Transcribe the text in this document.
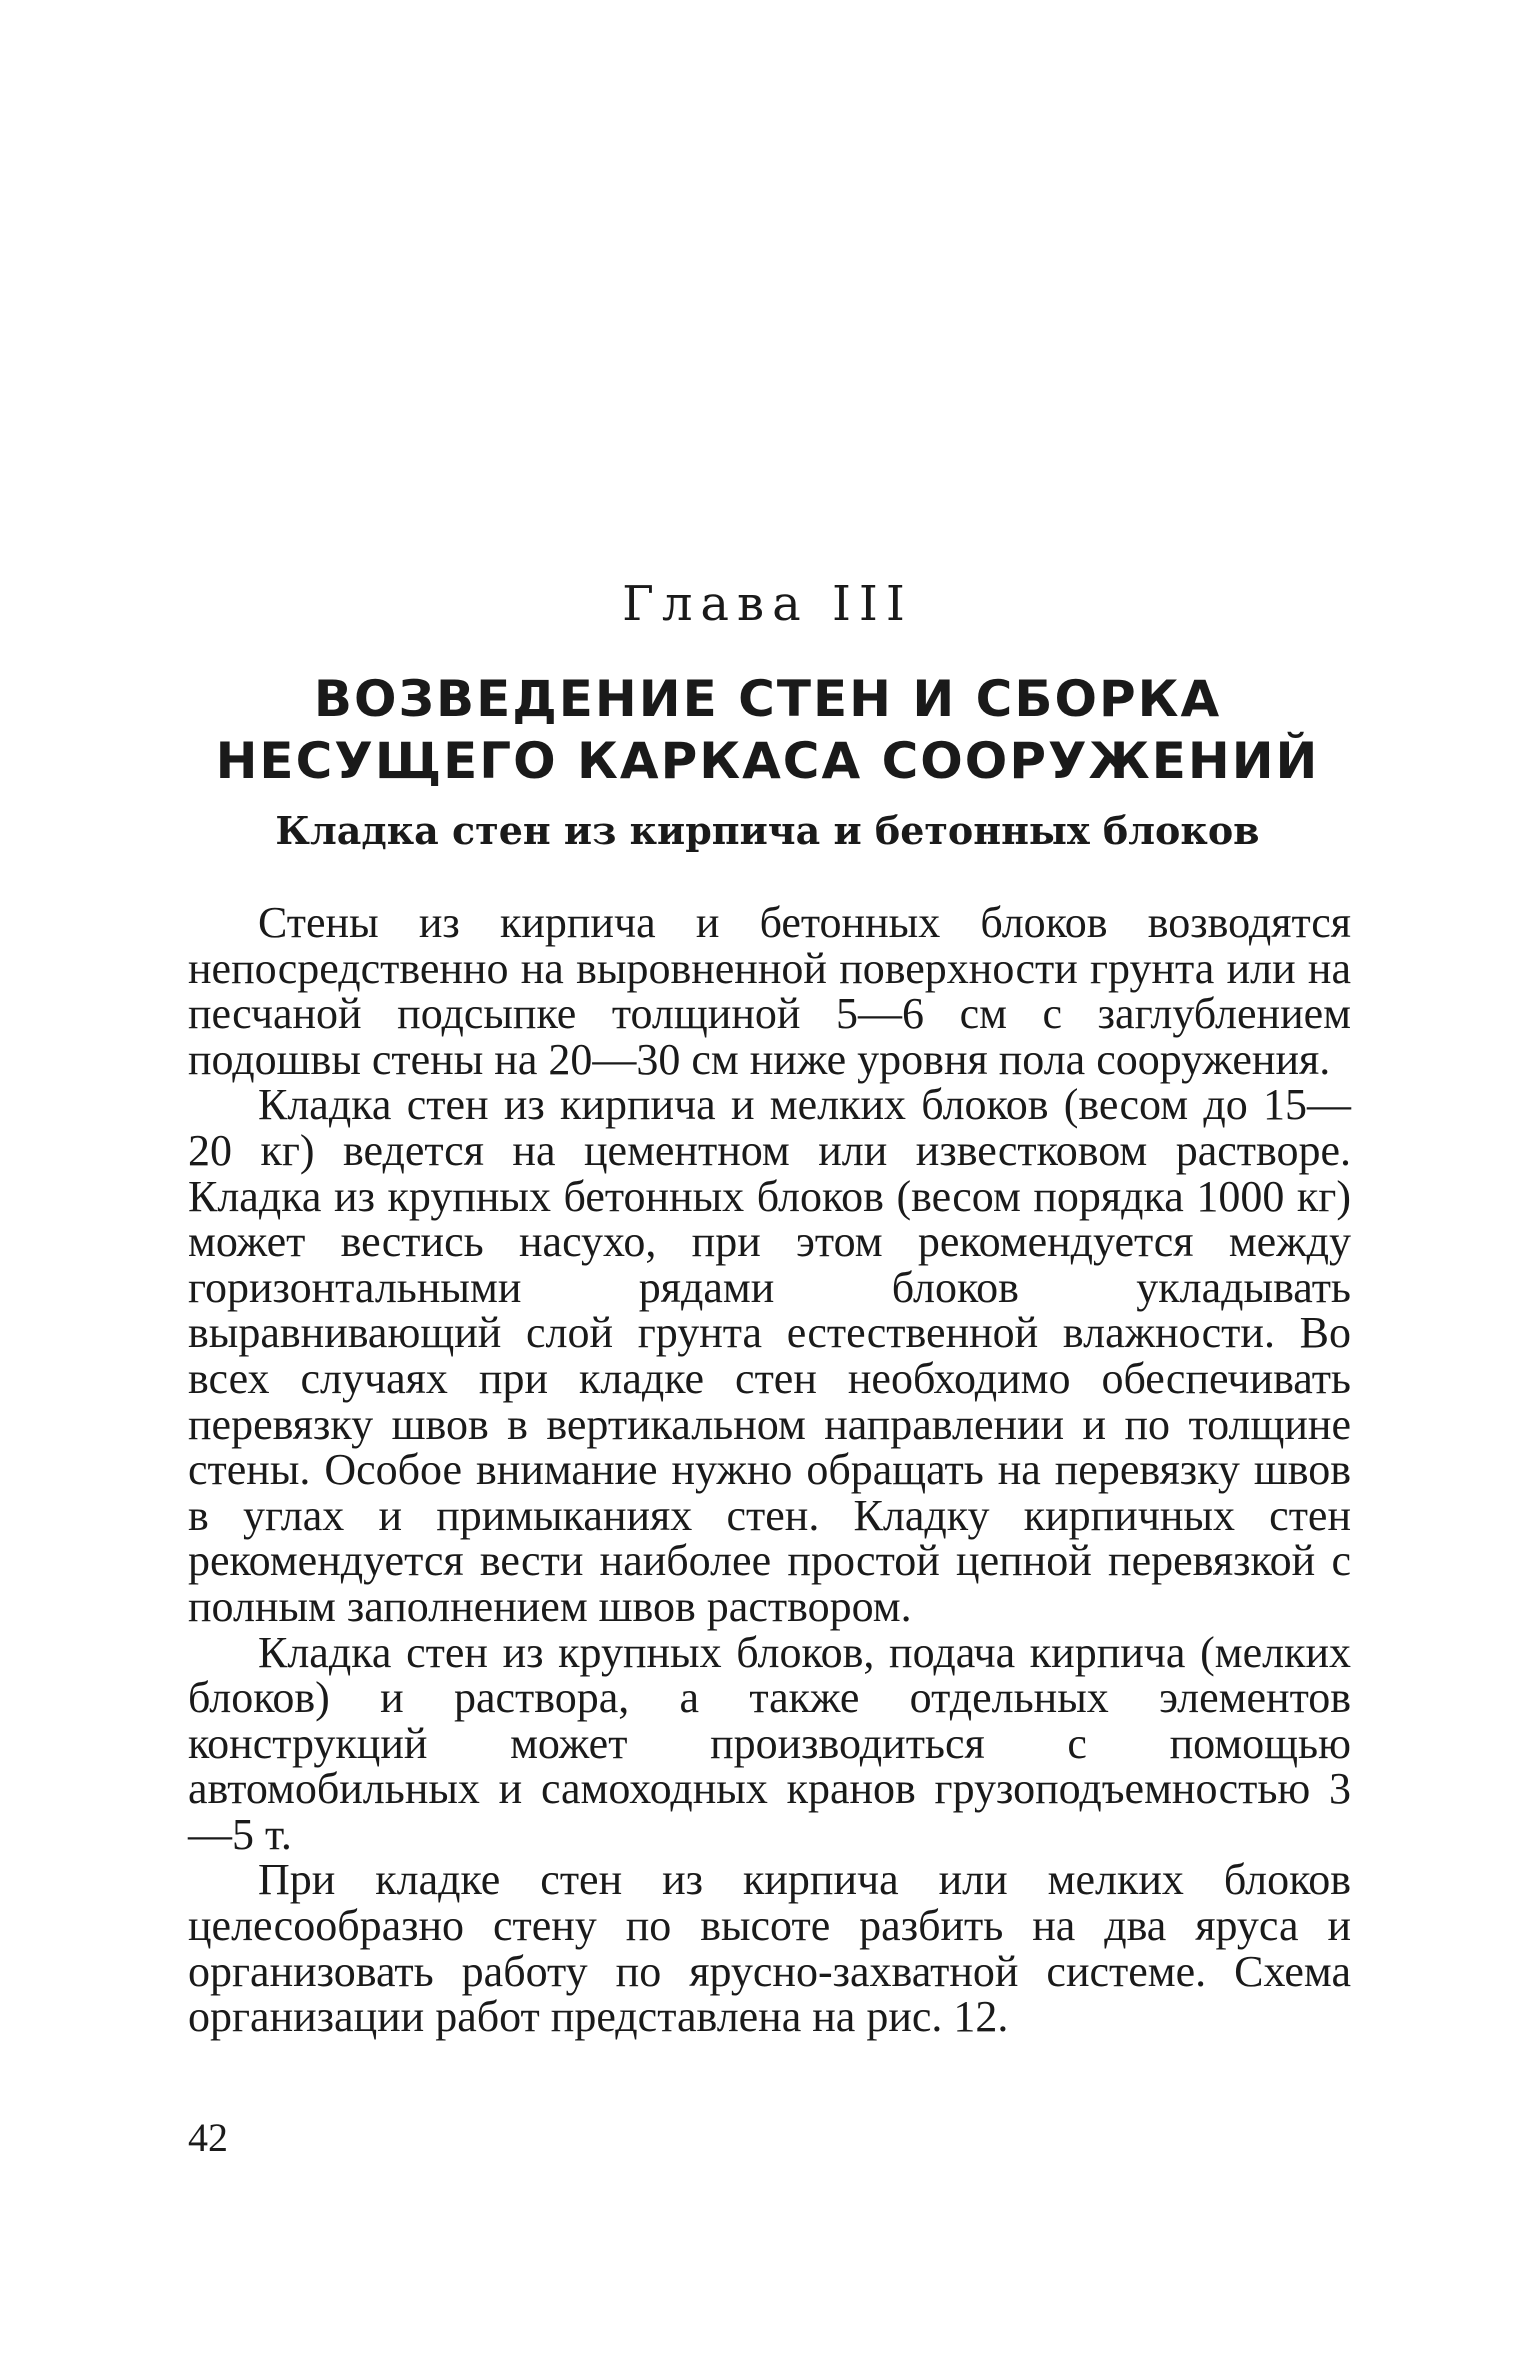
Глава III
ВОЗВЕДЕНИЕ СТЕН И СБОРКА
НЕСУЩЕГО КАРКАСА СООРУЖЕНИЙ
Кладка стен из кирпича и бетонных блоков

Стены из кирпича и бетонных блоков возводятся непосредственно на выровненной поверхности грунта или на песчаной подсыпке толщиной 5—6 см с заглублением подошвы стены на 20—30 см ниже уровня пола сооружения.

Кладка стен из кирпича и мелких блоков (весом до 15—20 кг) ведется на цементном или известковом растворе. Кладка из крупных бетонных блоков (весом порядка 1000 кг) может вестись насухо, при этом рекомендуется между горизонтальными рядами блоков укладывать выравнивающий слой грунта естественной влажности. Во всех случаях при кладке стен необходимо обеспечивать перевязку швов в вертикальном направлении и по толщине стены. Особое внимание нужно обращать на перевязку швов в углах и примыканиях стен. Кладку кирпичных стен рекомендуется вести наиболее простой цепной перевязкой с полным заполнением швов раствором.

Кладка стен из крупных блоков, подача кирпича (мелких блоков) и раствора, а также отдельных элементов конструкций может производиться с помощью автомобильных и самоходных кранов грузоподъемностью 3—5 т.

При кладке стен из кирпича или мелких блоков целесообразно стену по высоте разбить на два яруса и организовать работу по ярусно-захватной системе. Схема организации работ представлена на рис. 12.

42
